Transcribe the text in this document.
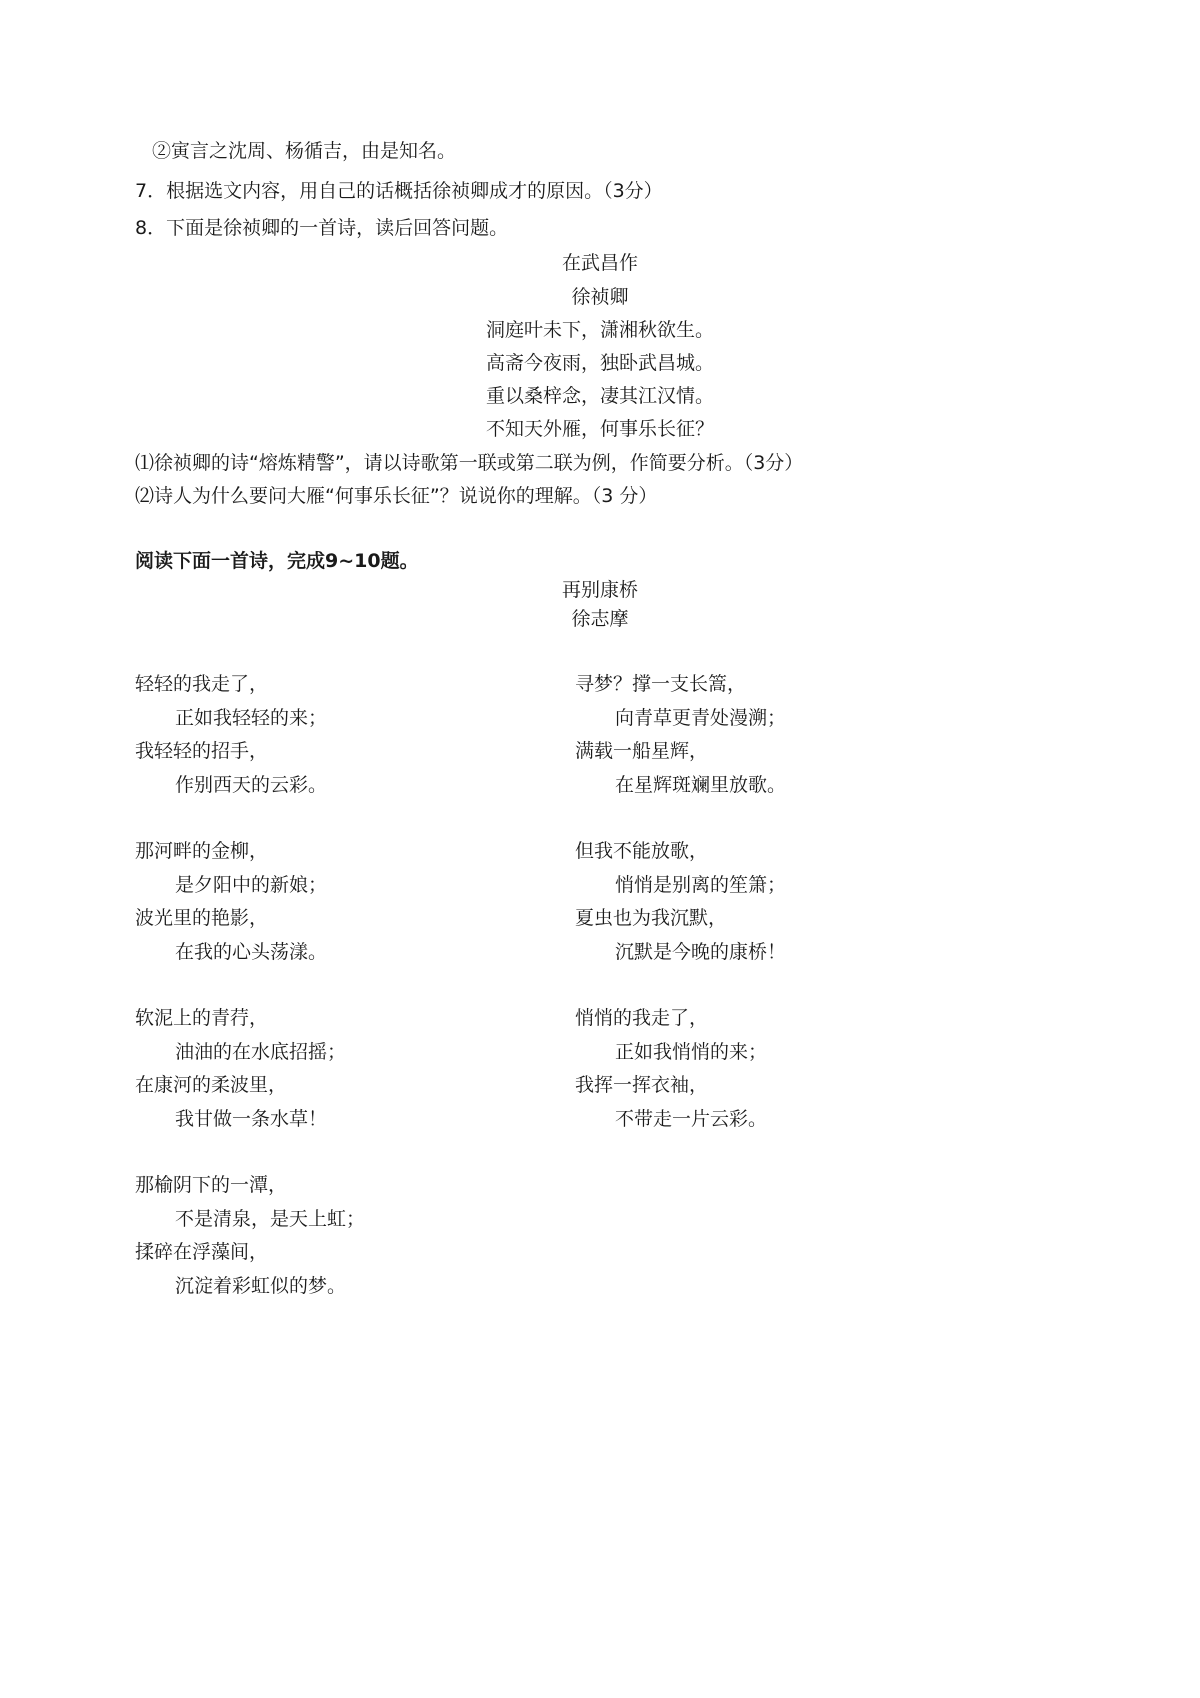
②寅言之沈周、杨循吉，由是知名。
7．根据选文内容，用自己的话概括徐祯卿成才的原因。（3分）
8．下面是徐祯卿的一首诗，读后回答问题。
在武昌作
徐祯卿
洞庭叶未下，潇湘秋欲生。
高斋今夜雨，独卧武昌城。
重以桑梓念，凄其江汉情。
不知天外雁，何事乐长征？
⑴徐祯卿的诗“熔炼精警”，请以诗歌第一联或第二联为例，作简要分析。（3分）
⑵诗人为什么要问大雁“何事乐长征”？说说你的理解。（3 分）
阅读下面一首诗，完成9~10题。
再别康桥
徐志摩
轻轻的我走了，
正如我轻轻的来；
我轻轻的招手，
作别西天的云彩。
那河畔的金柳，
是夕阳中的新娘；
波光里的艳影，
在我的心头荡漾。
软泥上的青荇，
油油的在水底招摇；
在康河的柔波里，
我甘做一条水草！
那榆阴下的一潭，
不是清泉，是天上虹；
揉碎在浮藻间，
沉淀着彩虹似的梦。
寻梦？撑一支长篙，
向青草更青处漫溯；
满载一船星辉，
在星辉斑斓里放歌。
但我不能放歌，
悄悄是别离的笙箫；
夏虫也为我沉默，
沉默是今晚的康桥！
悄悄的我走了，
正如我悄悄的来；
我挥一挥衣袖，
不带走一片云彩。
